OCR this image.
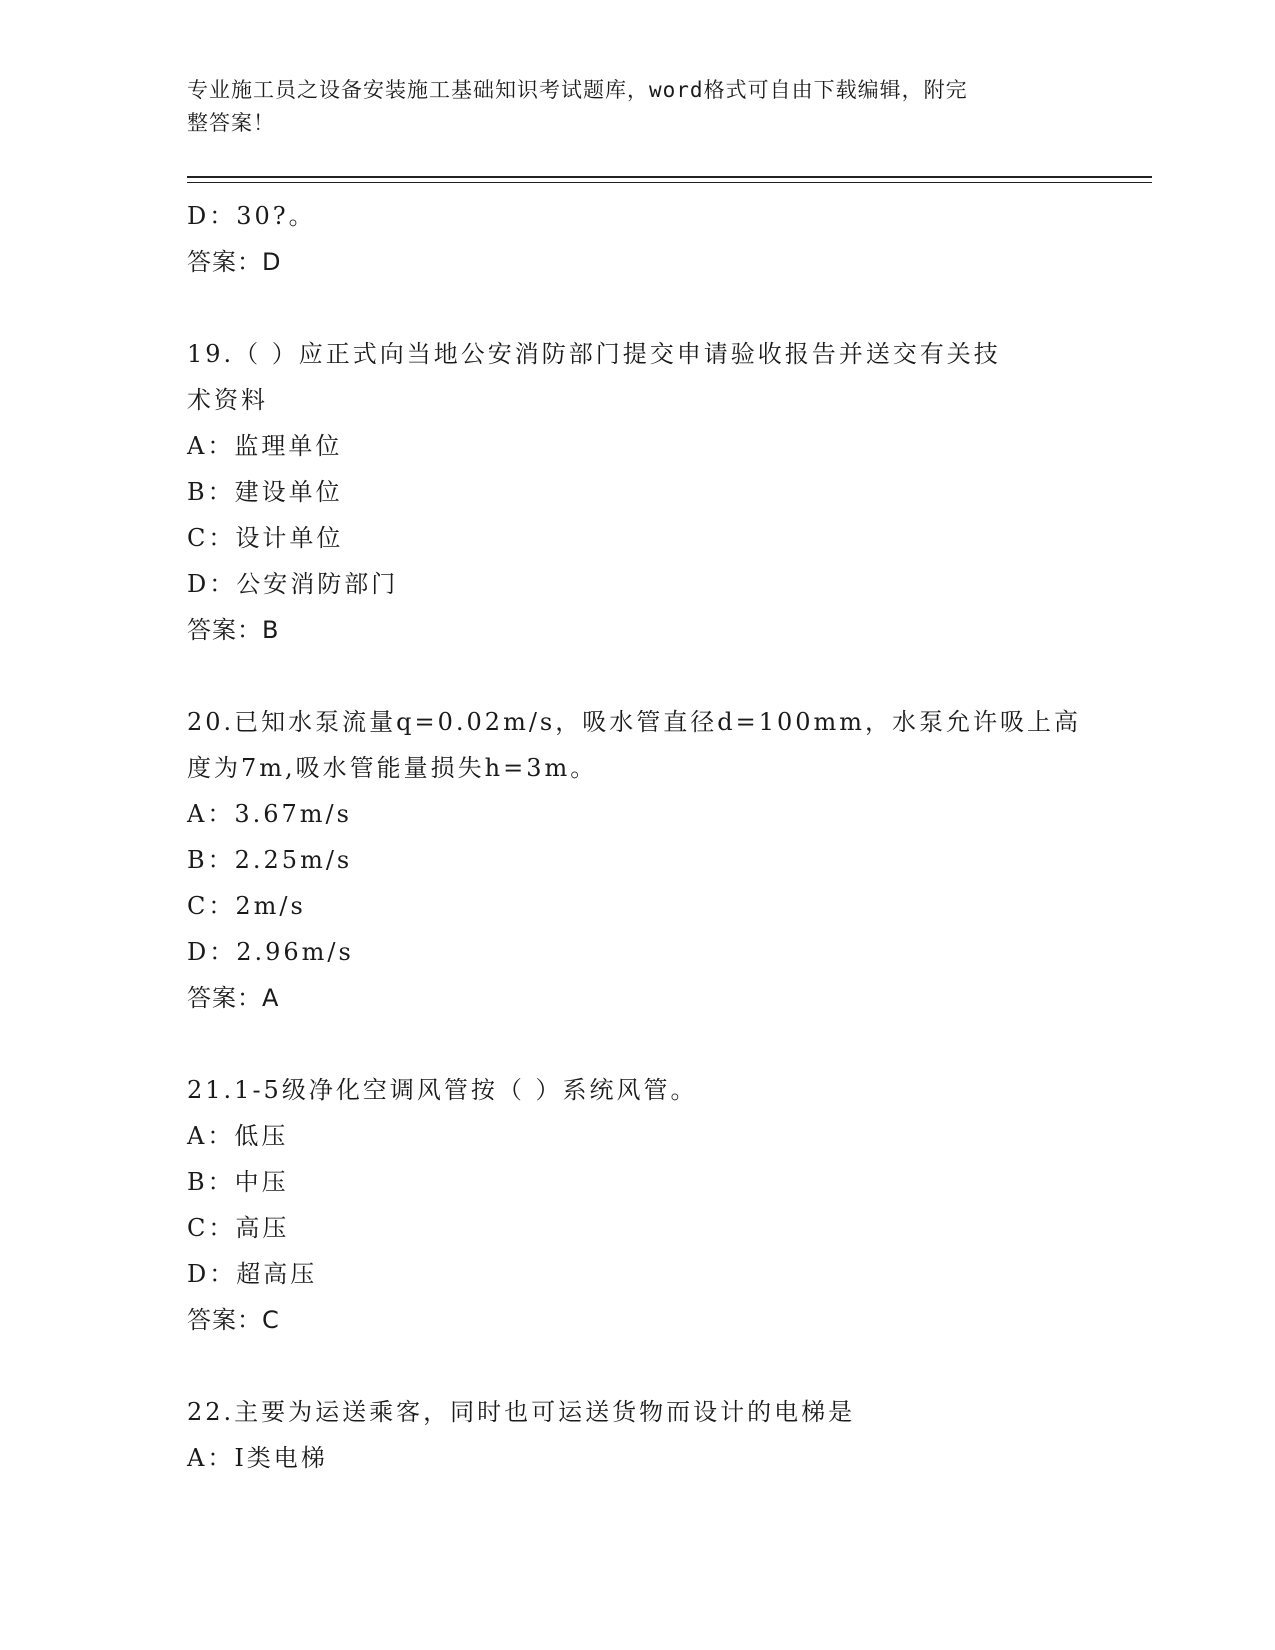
专业施工员之设备安装施工基础知识考试题库，word格式可自由下载编辑，附完
整答案！
D：30?。
答案：D
19.（ ）应正式向当地公安消防部门提交申请验收报告并送交有关技
术资料
A：监理单位
B：建设单位
C：设计单位
D：公安消防部门
答案：B
20.已知水泵流量q=0.02m/s，吸水管直径d=100mm，水泵允许吸上高
度为7m,吸水管能量损失h=3m。
A：3.67m/s
B：2.25m/s
C：2m/s
D：2.96m/s
答案：A
21.1-5级净化空调风管按（ ）系统风管。
A：低压
B：中压
C：高压
D：超高压
答案：C
22.主要为运送乘客，同时也可运送货物而设计的电梯是
A：I类电梯
